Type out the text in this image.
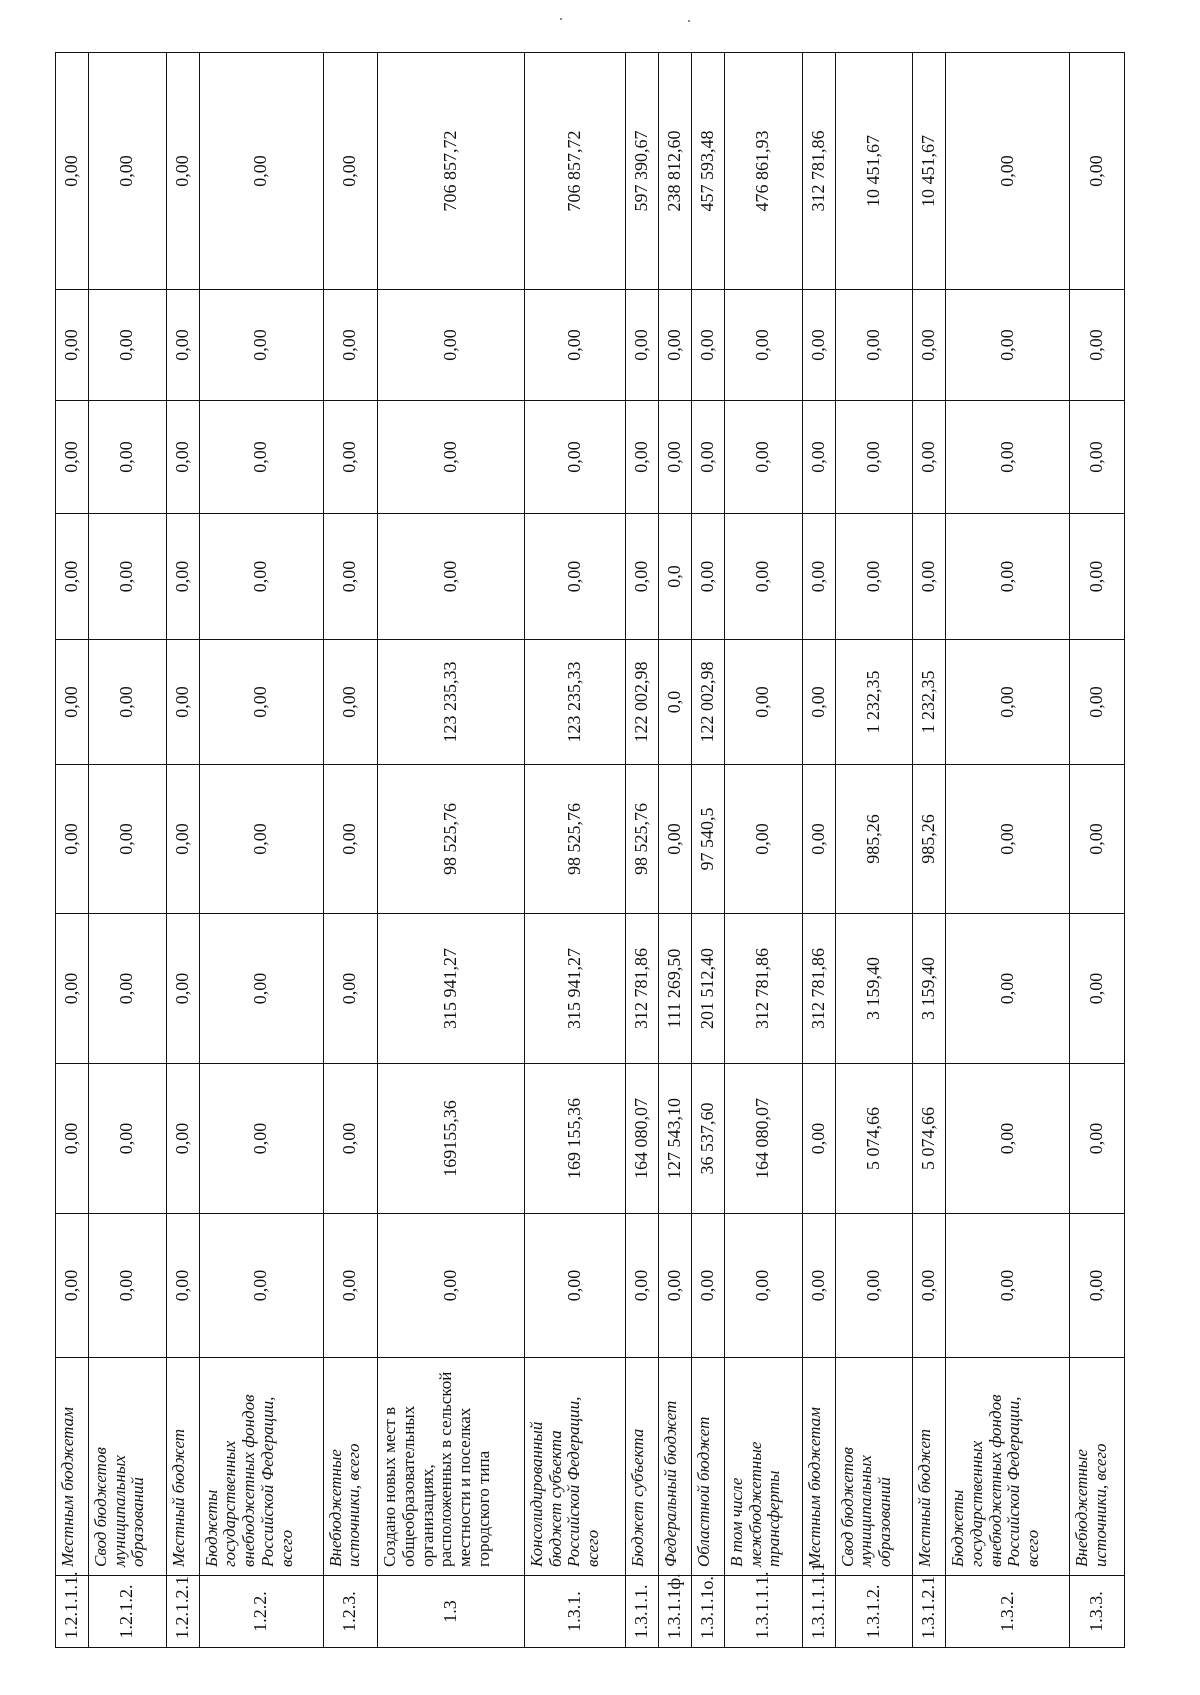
1.2.1.1.1.	Местным бюджетам	0,00	0,00	0,00	0,00	0,00	0,00	0,00	0,00	0,00
1.2.1.2.	Свод бюджетов муниципальных образований	0,00	0,00	0,00	0,00	0,00	0,00	0,00	0,00	0,00
1.2.1.2.1	Местный бюджет	0,00	0,00	0,00	0,00	0,00	0,00	0,00	0,00	0,00
1.2.2.	Бюджеты государственных внебюджетных фондов Российской Федерации, всего	0,00	0,00	0,00	0,00	0,00	0,00	0,00	0,00	0,00
1.2.3.	Внебюджетные источники, всего	0,00	0,00	0,00	0,00	0,00	0,00	0,00	0,00	0,00
1.3	Создано новых мест в общеобразовательных организациях, расположенных в сельской местности и поселках городского типа	0,00	169155,36	315 941,27	98 525,76	123 235,33	0,00	0,00	0,00	706 857,72
1.3.1.	Консолидированный бюджет субъекта Российской Федерации, всего	0,00	169 155,36	315 941,27	98 525,76	123 235,33	0,00	0,00	0,00	706 857,72
1.3.1.1.	Бюджет субъекта	0,00	164 080,07	312 781,86	98 525,76	122 002,98	0,00	0,00	0,00	597 390,67
1.3.1.1ф.	Федеральный бюджет	0,00	127 543,10	111 269,50	0,00	0,0	0,0	0,00	0,00	238 812,60
1.3.1.1о.	Областной бюджет	0,00	36 537,60	201 512,40	97 540,5	122 002,98	0,00	0,00	0,00	457 593,48
1.3.1.1.1.	В том числе межбюджетные трансферты	0,00	164 080,07	312 781,86	0,00	0,00	0,00	0,00	0,00	476 861,93
1.3.1.1.1.1	Местным бюджетам	0,00	0,00	312 781,86	0,00	0,00	0,00	0,00	0,00	312 781,86
1.3.1.2.	Свод бюджетов муниципальных образований	0,00	5 074,66	3 159,40	985,26	1 232,35	0,00	0,00	0,00	10 451,67
1.3.1.2.1	Местный бюджет	0,00	5 074,66	3 159,40	985,26	1 232,35	0,00	0,00	0,00	10 451,67
1.3.2.	Бюджеты государственных внебюджетных фондов Российской Федерации, всего	0,00	0,00	0,00	0,00	0,00	0,00	0,00	0,00	0,00
1.3.3.	Внебюджетные источники, всего	0,00	0,00	0,00	0,00	0,00	0,00	0,00	0,00	0,00
